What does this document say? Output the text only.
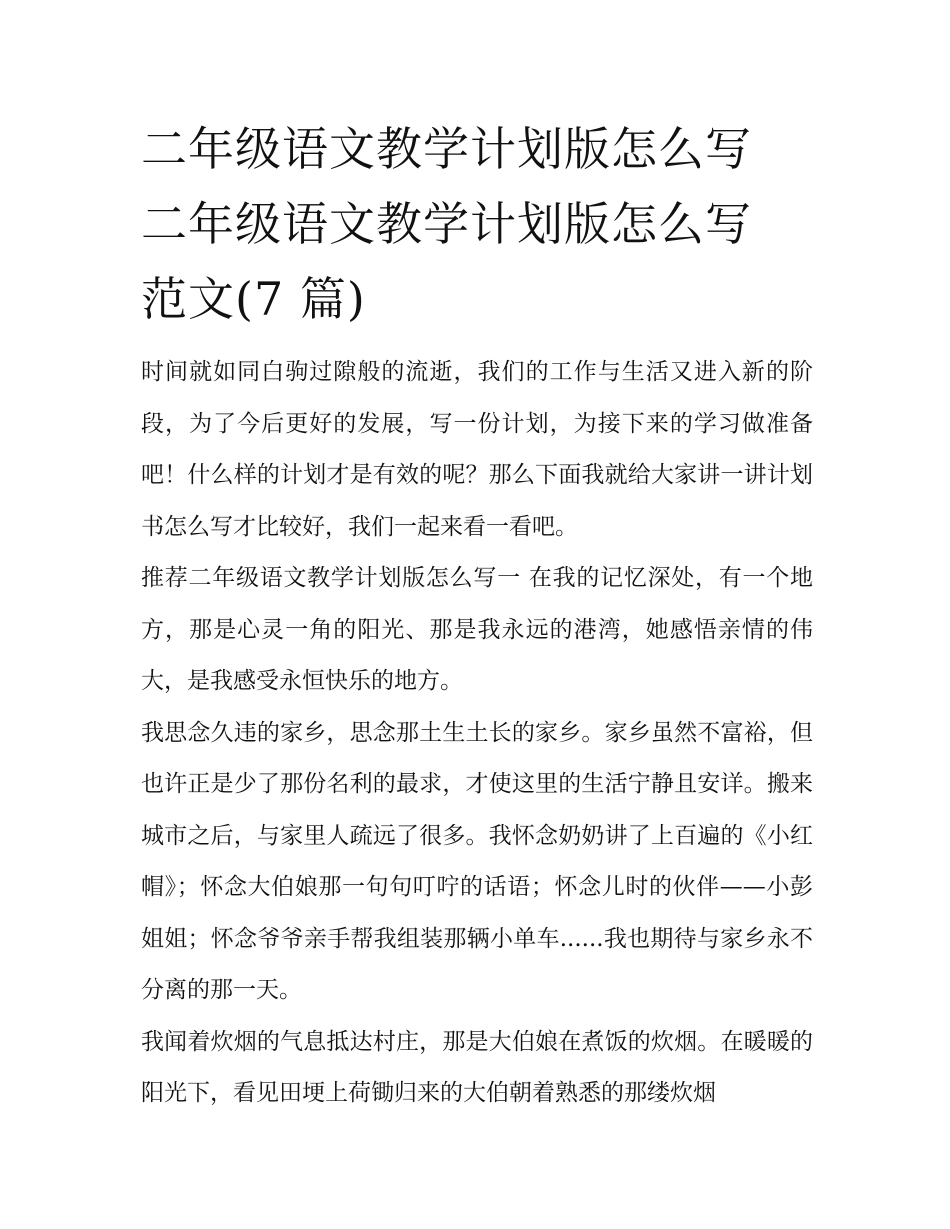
二年级语文教学计划版怎么写
二年级语文教学计划版怎么写
范文(7 篇)

时间就如同白驹过隙般的流逝，我们的工作与生活又进入新的阶段，为了今后更好的发展，写一份计划，为接下来的学习做准备吧！什么样的计划才是有效的呢？那么下面我就给大家讲一讲计划书怎么写才比较好，我们一起来看一看吧。

推荐二年级语文教学计划版怎么写一 在我的记忆深处，有一个地方，那是心灵一角的阳光、那是我永远的港湾，她感悟亲情的伟大，是我感受永恒快乐的地方。

我思念久违的家乡，思念那土生土长的家乡。家乡虽然不富裕，但也许正是少了那份名利的最求，才使这里的生活宁静且安详。搬来城市之后，与家里人疏远了很多。我怀念奶奶讲了上百遍的《小红帽》；怀念大伯娘那一句句叮咛的话语；怀念儿时的伙伴——小彭姐姐；怀念爷爷亲手帮我组装那辆小单车......我也期待与家乡永不分离的那一天。

我闻着炊烟的气息抵达村庄，那是大伯娘在煮饭的炊烟。在暖暖的阳光下，看见田埂上荷锄归来的大伯朝着熟悉的那缕炊烟
